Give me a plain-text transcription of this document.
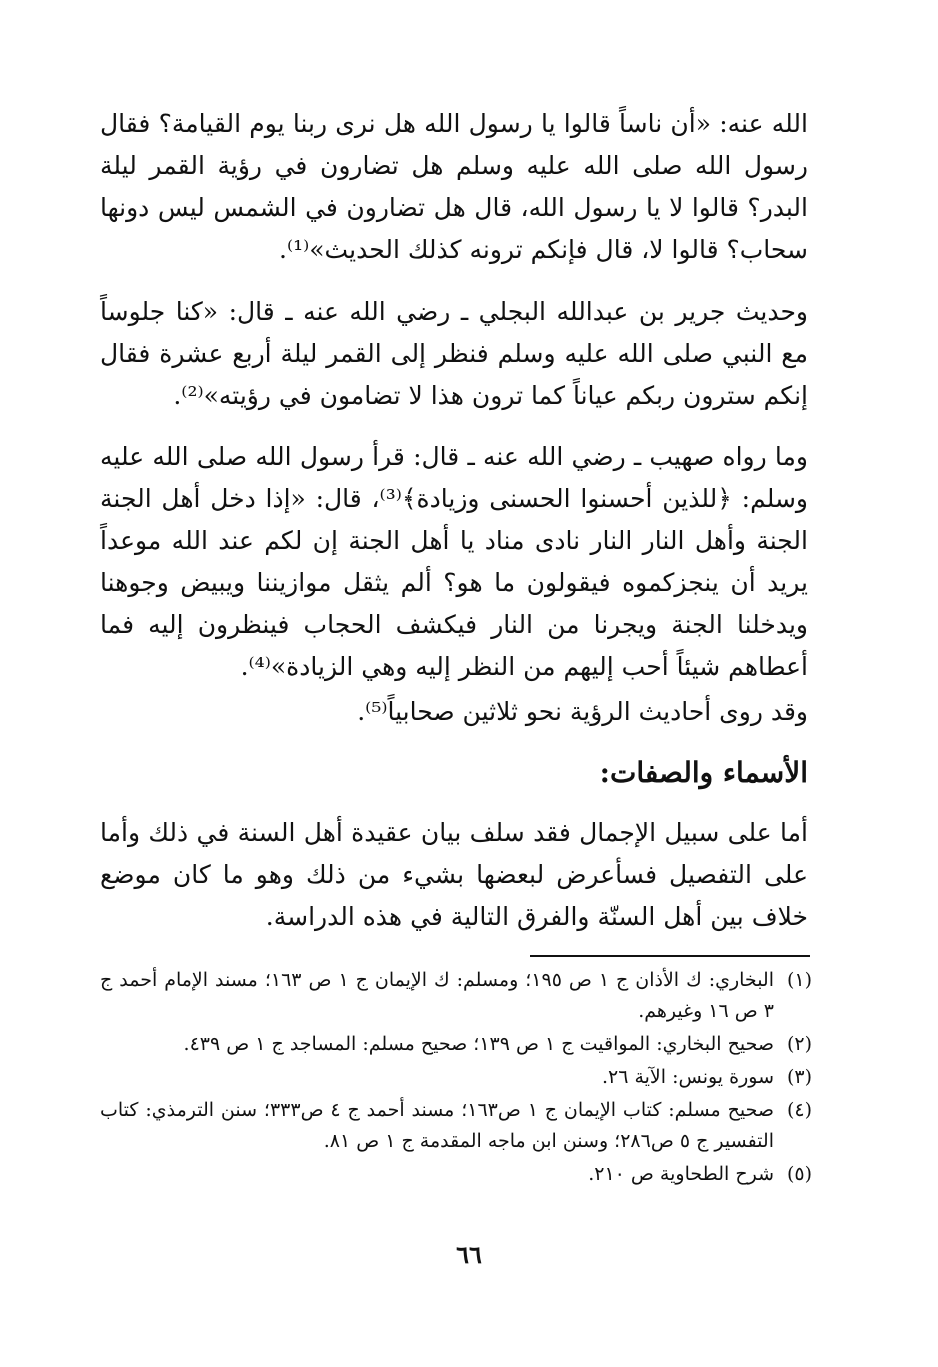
الله عنه: «أن ناساً قالوا يا رسول الله هل نرى ربنا يوم القيامة؟ فقال رسول الله صلى الله عليه وسلم هل تضارون في رؤية القمر ليلة البدر؟ قالوا لا يا رسول الله، قال هل تضارون في الشمس ليس دونها سحاب؟ قالوا لا، قال فإنكم ترونه كذلك الحديث»⁽¹⁾.

وحديث جرير بن عبدالله البجلي ـ رضي الله عنه ـ قال: «كنا جلوساً مع النبي صلى الله عليه وسلم فنظر إلى القمر ليلة أربع عشرة فقال إنكم سترون ربكم عياناً كما ترون هذا لا تضامون في رؤيته»⁽²⁾.

وما رواه صهيب ـ رضي الله عنه ـ قال: قرأ رسول الله صلى الله عليه وسلم: ﴿للذين أحسنوا الحسنى وزيادة﴾⁽³⁾، قال: «إذا دخل أهل الجنة الجنة وأهل النار النار نادى مناد يا أهل الجنة إن لكم عند الله موعداً يريد أن ينجزكموه فيقولون ما هو؟ ألم يثقل موازيننا ويبيض وجوهنا ويدخلنا الجنة ويجرنا من النار فيكشف الحجاب فينظرون إليه فما أعطاهم شيئاً أحب إليهم من النظر إليه وهي الزيادة»⁽⁴⁾.

وقد روى أحاديث الرؤية نحو ثلاثين صحابياً⁽⁵⁾.

الأسماء والصفات:

أما على سبيل الإجمال فقد سلف بيان عقيدة أهل السنة في ذلك وأما على التفصيل فسأعرض لبعضها بشيء من ذلك وهو ما كان موضع خلاف بين أهل السنّة والفرق التالية في هذه الدراسة.

(١)
البخاري: ك الأذان ج ١ ص ١٩٥؛ ومسلم: ك الإيمان ج ١ ص ١٦٣؛ مسند الإمام أحمد ج ٣ ص ١٦ وغيرهم.
(٢)
صحيح البخاري: المواقيت ج ١ ص ١٣٩؛ صحيح مسلم: المساجد ج ١ ص ٤٣٩.
(٣)
سورة يونس: الآية ٢٦.
(٤)
صحيح مسلم: كتاب الإيمان ج ١ ص١٦٣؛ مسند أحمد ج ٤ ص٣٣٣؛ سنن الترمذي: كتاب التفسير ج ٥ ص٢٨٦؛ وسنن ابن ماجه المقدمة ج ١ ص ٨١.
(٥)
شرح الطحاوية ص ٢١٠.
٦٦
